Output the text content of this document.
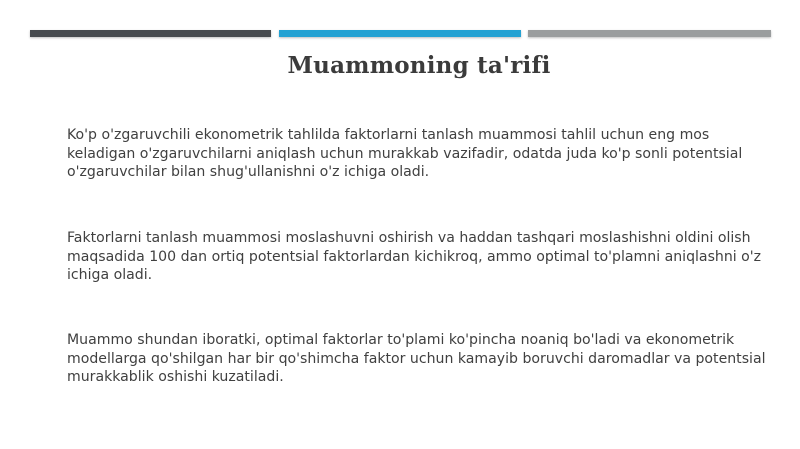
Muammoning ta'rifi

Ko'p o'zgaruvchili ekonometrik tahlilda faktorlarni tanlash muammosi tahlil uchun eng mos keladigan o'zgaruvchilarni aniqlash uchun murakkab vazifadir, odatda juda ko'p sonli potentsial o'zgaruvchilar bilan shug'ullanishni o'z ichiga oladi.

Faktorlarni tanlash muammosi moslashuvni oshirish va haddan tashqari moslashishni oldini olish maqsadida 100 dan ortiq potentsial faktorlardan kichikroq, ammo optimal to'plamni aniqlashni o'z ichiga oladi.

Muammo shundan iboratki, optimal faktorlar to'plami ko'pincha noaniq bo'ladi va ekonometrik modellarga qo'shilgan har bir qo'shimcha faktor uchun kamayib boruvchi daromadlar va potentsial murakkablik oshishi kuzatiladi.
